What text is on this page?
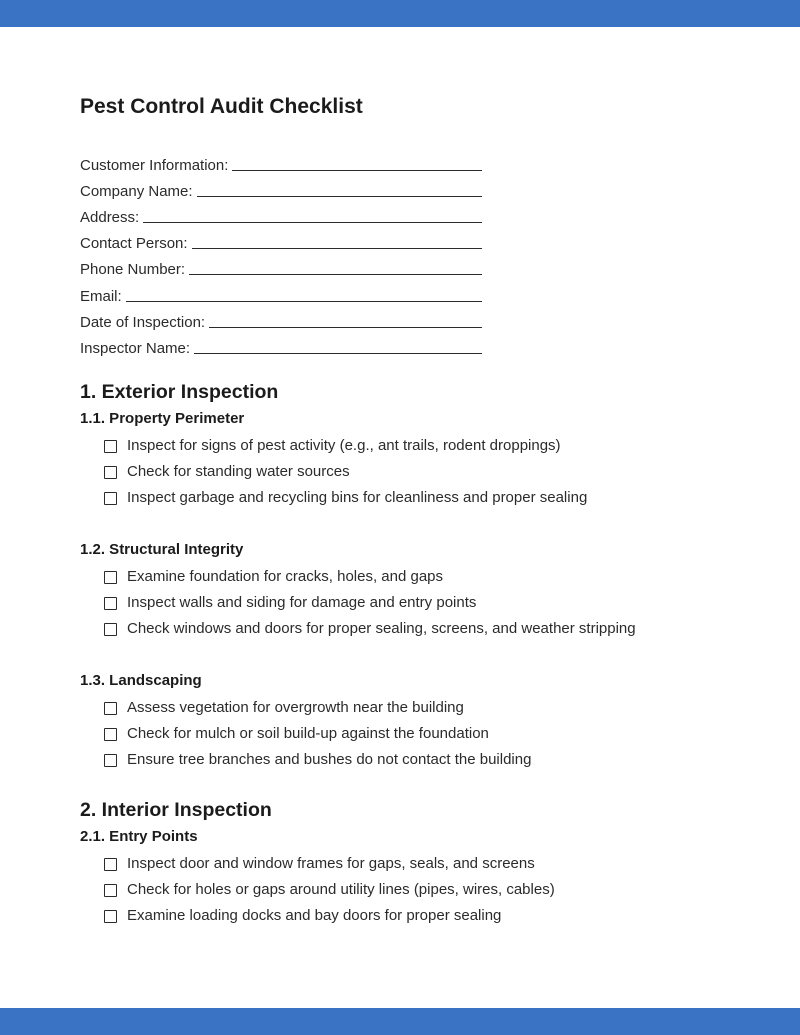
Pest Control Audit Checklist
Customer Information:
Company Name:
Address:
Contact Person:
Phone Number:
Email:
Date of Inspection:
Inspector Name:
1. Exterior Inspection
1.1. Property Perimeter
Inspect for signs of pest activity (e.g., ant trails, rodent droppings)
Check for standing water sources
Inspect garbage and recycling bins for cleanliness and proper sealing
1.2. Structural Integrity
Examine foundation for cracks, holes, and gaps
Inspect walls and siding for damage and entry points
Check windows and doors for proper sealing, screens, and weather stripping
1.3. Landscaping
Assess vegetation for overgrowth near the building
Check for mulch or soil build-up against the foundation
Ensure tree branches and bushes do not contact the building
2. Interior Inspection
2.1. Entry Points
Inspect door and window frames for gaps, seals, and screens
Check for holes or gaps around utility lines (pipes, wires, cables)
Examine loading docks and bay doors for proper sealing
